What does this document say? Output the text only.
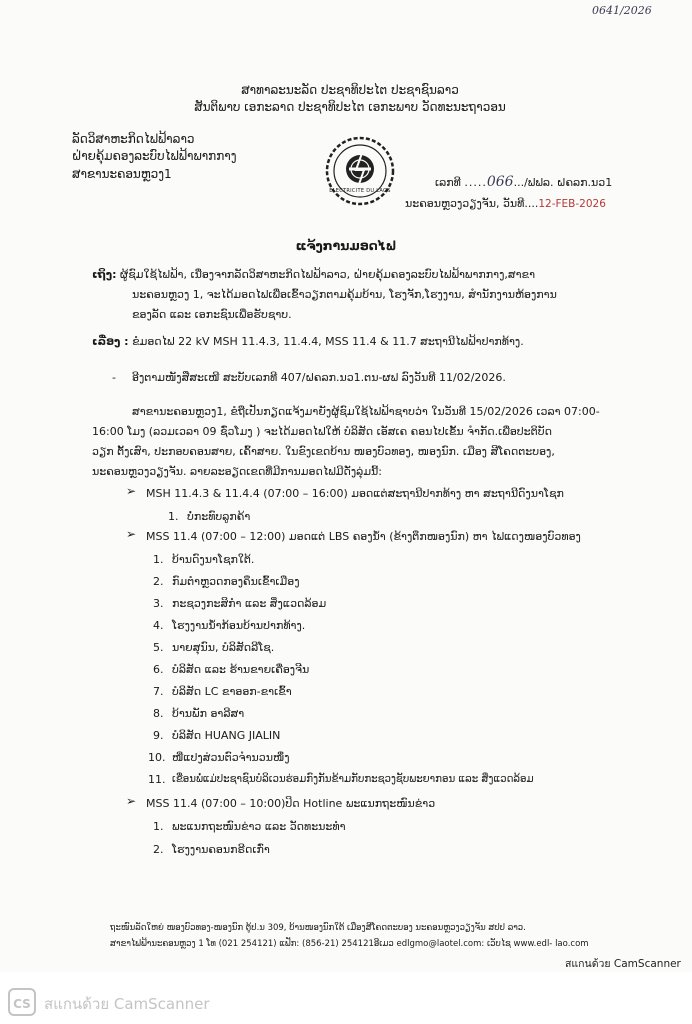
0641/2026
ສາທາລະນະລັດ ປະຊາທິປະໄຕ ປະຊາຊົນລາວ
ສັນຕິພາບ ເອກະລາດ ປະຊາທິປະໄຕ ເອກະພາບ ວັດທະນະຖາວອນ
ລັດວິສາຫະກິດໄຟຟ້າລາວ
ຝ່າຍຄຸ້ມຄອງລະບົບໄຟຟ້າພາກກາງ
ສາຂານະຄອນຫຼວງ1
ELECTRICITE DU LAOS
ເລກທີ .....066.../ຟຟລ. ຝຄລກ.ນວ1
ນະຄອນຫຼວງວຽງຈັນ, ວັນທີ....12-FEB-2026
ແຈ້ງການມອດໄຟ
ເຖິງ: ຜູ້ຊົມໃຊ້ໄຟຟ້າ, ເນື່ອງຈາກລັດວິສາຫະກິດໄຟຟ້າລາວ, ຝ່າຍຄຸ້ມຄອງລະບົບໄຟຟ້າພາກກາງ,ສາຂາ
ນະຄອນຫຼວງ 1, ຈະໄດ້ມອດໄຟເພື່ອເຂົ້າວຽກຕາມຄຸ້ມບ້ານ, ໂຮງຈັກ,ໂຮງງານ, ສຳນັກງານຫ້ອງການ
ຂອງລັດ ແລະ ເອກະຊົນເພື່ອຮັບຊາບ.
ເລື່ອງ : ຂໍມອດໄຟ 22 kV MSH 11.4.3, 11.4.4, MSS 11.4 & 11.7 ສະຖານີໄຟຟ້າປາກທ້າງ.
- ອີງຕາມໜັງສືສະເໜີ ສະບັບເລກທີ 407/ຝຄລກ.ນວ1.ຕນ-ຜຟ ລົງວັນທີ 11/02/2026.
ສາຂານະຄອນຫຼວງ1, ຂໍຖືເປັນກຽດແຈ້ງມາຍັງຜູ້ຊົມໃຊ້ໄຟຟ້າຊາບວ່າ ໃນວັນທີ 15/02/2026 ເວລາ 07:00-
16:00 ໂມງ (ລວມເວລາ 09 ຊົ່ວໂມງ ) ຈະໄດ້ມອດໄຟໃຫ້ ບໍລິສັດ ເອັສເຄ ຄອນໄປເຂັ້ນ ຈຳກັດ.ເພື່ອປະຕິບັດ
ວຽກ ຕັ້ງເສົາ, ປະກອບຄອນສາຍ, ເຄົ້າສາຍ. ໃນຂົງເຂດບ້ານ ໜອງບົວທອງ, ໜອງນົກ. ເມືອງ ສີໂຄດຕະບອງ,
ນະຄອນຫຼວງວຽງຈັນ. ລາຍລະອຽດເຂດທີ່ມີການມອດໄຟມີດັ່ງລຸ່ມນີ້:
➢ MSH 11.4.3 & 11.4.4 (07:00 – 16:00) ມອດແຕ່ສະຖານີປາກທ້າງ ຫາ ສະຖານີດົງນາໂຊກ
1. ບໍ່ກະທົບລູກຄ້າ
➢ MSS 11.4 (07:00 – 12:00) ມອດແຕ່ LBS ຄອງນ້ຳ (ຂ້າງຕຶກໜອງນົກ) ຫາ ໄຟແດງໜອງບົວທອງ
1. ບ້ານດົງນາໂຊກໃຕ້.
2. ກົມຕຳຫຼວດກອງຄຶນເຂົ້າເມືອງ
3. ກະຊວງກະສິກຳ ແລະ ສິ່ງແວດລ້ອມ
4. ໂຮງງານນ້ຳກ້ອນບ້ານປາກທ້າງ.
5. ນາຍສຸນົນ, ບໍລິສັດລີໂຊ.
6. ບໍລິສັດ ແລະ ຮ້ານຂາຍເຄື່ອງຈີນ
7. ບໍລິສັດ LC ຂາອອກ-ຂາເຂົ້າ
8. ບ້ານພັກ ອາລີສາ
9. ບໍລິສັດ HUANG JIALIN
10. ໜີ່ແປງສ່ວນຕົວຈຳນວນໜຶ່ງ
11. ເຂື່ອນພໍ່ແມ່ປະຊາຊົນບໍລິເວນຮ່ອມກົງກັນຂ້າມກັບກະຊວງຊັບພະຍາກອນ ແລະ ສິ່ງແວດລ້ອມ
➢ MSS 11.4 (07:00 – 10:00)ປິດ Hotline ພະແນກຖະໜົນຂ່າວ
1. ພະແນກຖະໜົນຂ່າວ ແລະ ວັດທະນະທຳ
2. ໂຮງງານຄອນກຣີດເກົ່າ
ຖະໜົນລັດໃຫຍ່ ໜອງບົວທອງ-ໜອງນົກ ຕູ້ປ.ນ 309, ບ້ານໜອງນົກໃຕ້ ເມືອງສີໂຄດຕະບອງ ນະຄອນຫຼວງວຽງຈັນ ສປປ ລາວ.
ສາຂາໄຟຟ້ານະຄອນຫຼວງ 1 ໂທ (021 254121) ແຟັກ: (856-21) 254121ອີເມວ edlgmo@laotel.com: ເວັບໄຊ www.edl- lao.com
สแกนด้วย CamScanner
CS สแกนด้วย CamScanner
